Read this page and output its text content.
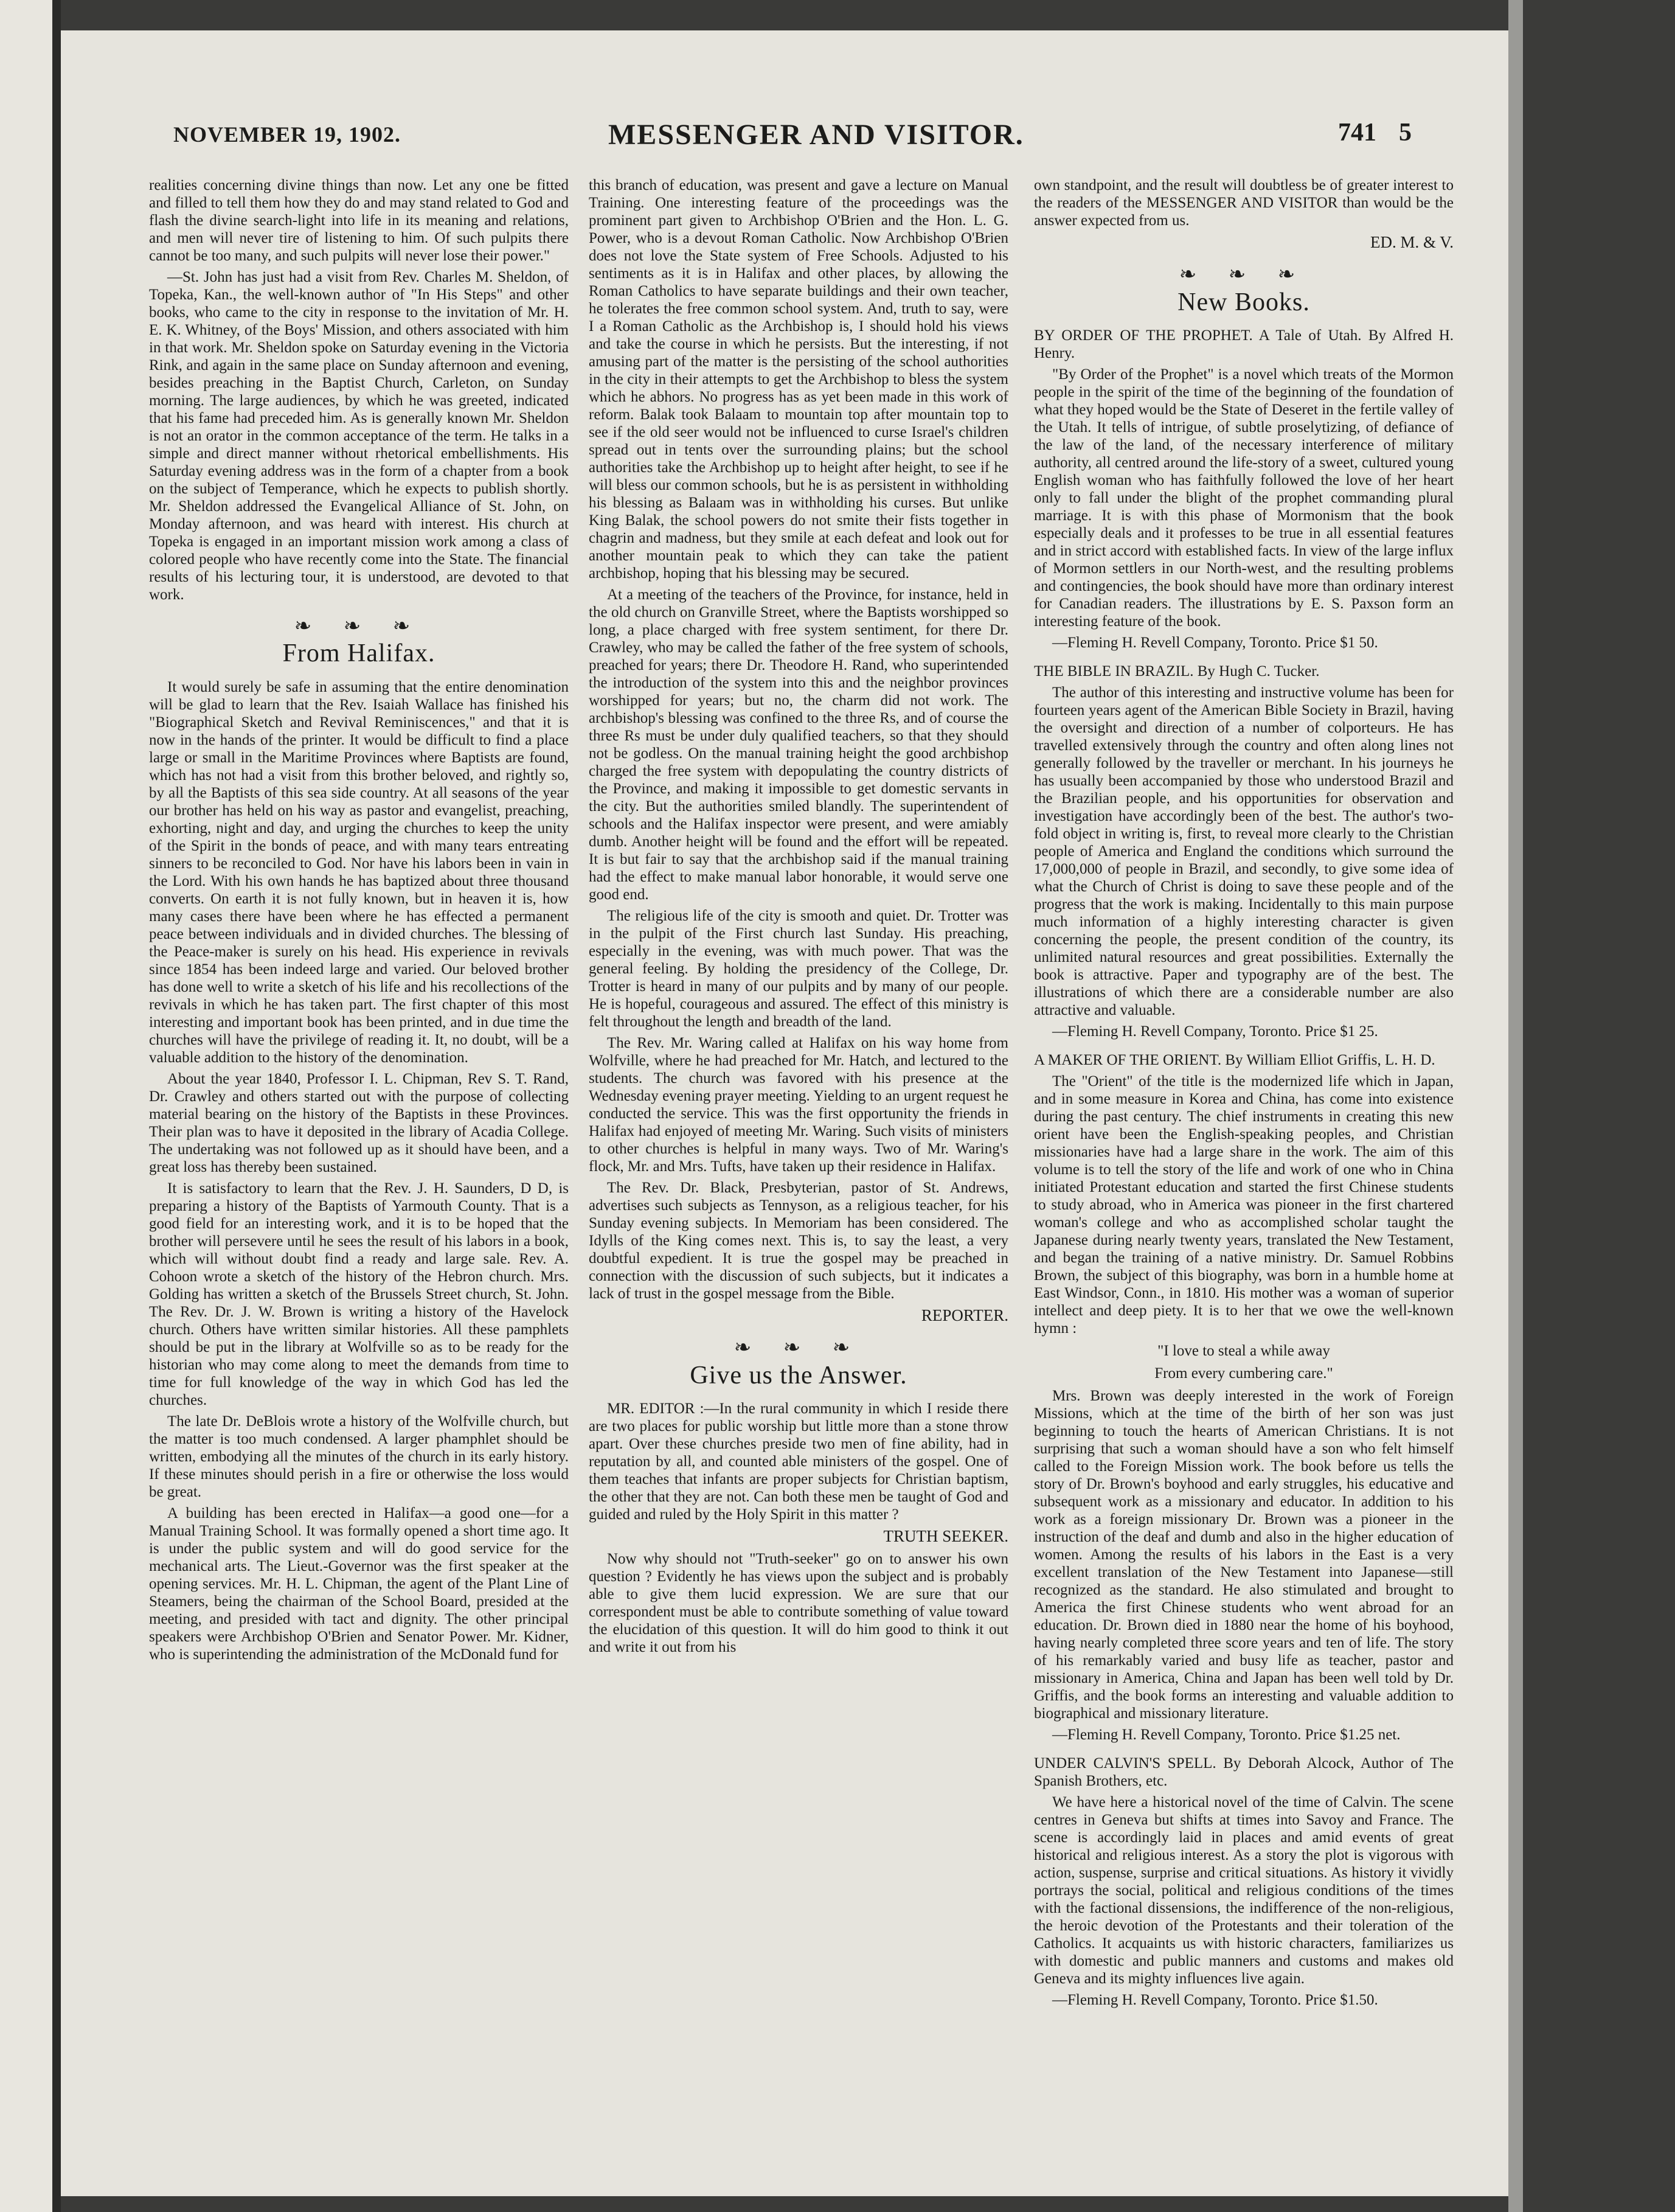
NOVEMBER 19, 1902.	MESSENGER AND VISITOR.	741 5

realities concerning divine things than now. Let any one be fitted and filled to tell them how they do and may stand related to God and flash the divine search-light into life in its meaning and relations, and men will never tire of listening to him. Of such pulpits there cannot be too many, and such pulpits will never lose their power."

—St. John has just had a visit from Rev. Charles M. Sheldon, of Topeka, Kan., the well-known author of "In His Steps" and other books, who came to the city in response to the invitation of Mr. H. E. K. Whitney, of the Boys' Mission, and others associated with him in that work. Mr. Sheldon spoke on Saturday evening in the Victoria Rink, and again in the same place on Sunday afternoon and evening, besides preaching in the Baptist Church, Carleton, on Sunday morning. The large audiences, by which he was greeted, indicated that his fame had preceded him. As is generally known Mr. Sheldon is not an orator in the common acceptance of the term. He talks in a simple and direct manner without rhetorical embellishments. His Saturday evening address was in the form of a chapter from a book on the subject of Temperance, which he expects to publish shortly. Mr. Sheldon addressed the Evangelical Alliance of St. John, on Monday afternoon, and was heard with interest. His church at Topeka is engaged in an important mission work among a class of colored people who have recently come into the State. The financial results of his lecturing tour, it is understood, are devoted to that work.

❧ ❧ ❧
From Halifax.

It would surely be safe in assuming that the entire denomination will be glad to learn that the Rev. Isaiah Wallace has finished his "Biographical Sketch and Revival Reminiscences," and that it is now in the hands of the printer. It would be difficult to find a place large or small in the Maritime Provinces where Baptists are found, which has not had a visit from this brother beloved, and rightly so, by all the Baptists of this sea side country. At all seasons of the year our brother has held on his way as pastor and evangelist, preaching, exhorting, night and day, and urging the churches to keep the unity of the Spirit in the bonds of peace, and with many tears entreating sinners to be reconciled to God. Nor have his labors been in vain in the Lord. With his own hands he has baptized about three thousand converts. On earth it is not fully known, but in heaven it is, how many cases there have been where he has effected a permanent peace between individuals and in divided churches. The blessing of the Peace-maker is surely on his head. His experience in revivals since 1854 has been indeed large and varied. Our beloved brother has done well to write a sketch of his life and his recollections of the revivals in which he has taken part. The first chapter of this most interesting and important book has been printed, and in due time the churches will have the privilege of reading it. It, no doubt, will be a valuable addition to the history of the denomination.

About the year 1840, Professor I. L. Chipman, Rev S. T. Rand, Dr. Crawley and others started out with the purpose of collecting material bearing on the history of the Baptists in these Provinces. Their plan was to have it deposited in the library of Acadia College. The undertaking was not followed up as it should have been, and a great loss has thereby been sustained.

It is satisfactory to learn that the Rev. J. H. Saunders, D D, is preparing a history of the Baptists of Yarmouth County. That is a good field for an interesting work, and it is to be hoped that the brother will persevere until he sees the result of his labors in a book, which will without doubt find a ready and large sale. Rev. A. Cohoon wrote a sketch of the history of the Hebron church. Mrs. Golding has written a sketch of the Brussels Street church, St. John. The Rev. Dr. J. W. Brown is writing a history of the Havelock church. Others have written similar histories. All these pamphlets should be put in the library at Wolfville so as to be ready for the historian who may come along to meet the demands from time to time for full knowledge of the way in which God has led the churches.

The late Dr. DeBlois wrote a history of the Wolfville church, but the matter is too much condensed. A larger phamphlet should be written, embodying all the minutes of the church in its early history. If these minutes should perish in a fire or otherwise the loss would be great.

A building has been erected in Halifax—a good one—for a Manual Training School. It was formally opened a short time ago. It is under the public system and will do good service for the mechanical arts. The Lieut.-Governor was the first speaker at the opening services. Mr. H. L. Chipman, the agent of the Plant Line of Steamers, being the chairman of the School Board, presided at the meeting, and presided with tact and dignity. The other principal speakers were Archbishop O'Brien and Senator Power. Mr. Kidner, who is superintending the administration of the McDonald fund for

this branch of education, was present and gave a lecture on Manual Training. One interesting feature of the proceedings was the prominent part given to Archbishop O'Brien and the Hon. L. G. Power, who is a devout Roman Catholic. Now Archbishop O'Brien does not love the State system of Free Schools. Adjusted to his sentiments as it is in Halifax and other places, by allowing the Roman Catholics to have separate buildings and their own teacher, he tolerates the free common school system. And, truth to say, were I a Roman Catholic as the Archbishop is, I should hold his views and take the course in which he persists. But the interesting, if not amusing part of the matter is the persisting of the school authorities in the city in their attempts to get the Archbishop to bless the system which he abhors. No progress has as yet been made in this work of reform. Balak took Balaam to mountain top after mountain top to see if the old seer would not be influenced to curse Israel's children spread out in tents over the surrounding plains; but the school authorities take the Archbishop up to height after height, to see if he will bless our common schools, but he is as persistent in withholding his blessing as Balaam was in withholding his curses. But unlike King Balak, the school powers do not smite their fists together in chagrin and madness, but they smile at each defeat and look out for another mountain peak to which they can take the patient archbishop, hoping that his blessing may be secured.

At a meeting of the teachers of the Province, for instance, held in the old church on Granville Street, where the Baptists worshipped so long, a place charged with free system sentiment, for there Dr. Crawley, who may be called the father of the free system of schools, preached for years; there Dr. Theodore H. Rand, who superintended the introduction of the system into this and the neighbor provinces worshipped for years; but no, the charm did not work. The archbishop's blessing was confined to the three Rs, and of course the three Rs must be under duly qualified teachers, so that they should not be godless. On the manual training height the good archbishop charged the free system with depopulating the country districts of the Province, and making it impossible to get domestic servants in the city. But the authorities smiled blandly. The superintendent of schools and the Halifax inspector were present, and were amiably dumb. Another height will be found and the effort will be repeated. It is but fair to say that the archbishop said if the manual training had the effect to make manual labor honorable, it would serve one good end.

The religious life of the city is smooth and quiet. Dr. Trotter was in the pulpit of the First church last Sunday. His preaching, especially in the evening, was with much power. That was the general feeling. By holding the presidency of the College, Dr. Trotter is heard in many of our pulpits and by many of our people. He is hopeful, courageous and assured. The effect of this ministry is felt throughout the length and breadth of the land.

The Rev. Mr. Waring called at Halifax on his way home from Wolfville, where he had preached for Mr. Hatch, and lectured to the students. The church was favored with his presence at the Wednesday evening prayer meeting. Yielding to an urgent request he conducted the service. This was the first opportunity the friends in Halifax had enjoyed of meeting Mr. Waring. Such visits of ministers to other churches is helpful in many ways. Two of Mr. Waring's flock, Mr. and Mrs. Tufts, have taken up their residence in Halifax.

The Rev. Dr. Black, Presbyterian, pastor of St. Andrews, advertises such subjects as Tennyson, as a religious teacher, for his Sunday evening subjects. In Memoriam has been considered. The Idylls of the King comes next. This is, to say the least, a very doubtful expedient. It is true the gospel may be preached in connection with the discussion of such subjects, but it indicates a lack of trust in the gospel message from the Bible.

REPORTER.

❧ ❧ ❧
Give us the Answer.

MR. EDITOR :—In the rural community in which I reside there are two places for public worship but little more than a stone throw apart. Over these churches preside two men of fine ability, had in reputation by all, and counted able ministers of the gospel. One of them teaches that infants are proper subjects for Christian baptism, the other that they are not. Can both these men be taught of God and guided and ruled by the Holy Spirit in this matter ?

TRUTH SEEKER.

Now why should not "Truth-seeker" go on to answer his own question ? Evidently he has views upon the subject and is probably able to give them lucid expression. We are sure that our correspondent must be able to contribute something of value toward the elucidation of this question. It will do him good to think it out and write it out from his

own standpoint, and the result will doubtless be of greater interest to the readers of the MESSENGER AND VISITOR than would be the answer expected from us.

ED. M. & V.

❧ ❧ ❧
New Books.

BY ORDER OF THE PROPHET. A Tale of Utah. By Alfred H. Henry.

"By Order of the Prophet" is a novel which treats of the Mormon people in the spirit of the time of the beginning of the foundation of what they hoped would be the State of Deseret in the fertile valley of the Utah. It tells of intrigue, of subtle proselytizing, of defiance of the law of the land, of the necessary interference of military authority, all centred around the life-story of a sweet, cultured young English woman who has faithfully followed the love of her heart only to fall under the blight of the prophet commanding plural marriage. It is with this phase of Mormonism that the book especially deals and it professes to be true in all essential features and in strict accord with established facts. In view of the large influx of Mormon settlers in our North-west, and the resulting problems and contingencies, the book should have more than ordinary interest for Canadian readers. The illustrations by E. S. Paxson form an interesting feature of the book.

—Fleming H. Revell Company, Toronto. Price $1 50.

THE BIBLE IN BRAZIL. By Hugh C. Tucker.

The author of this interesting and instructive volume has been for fourteen years agent of the American Bible Society in Brazil, having the oversight and direction of a number of colporteurs. He has travelled extensively through the country and often along lines not generally followed by the traveller or merchant. In his journeys he has usually been accompanied by those who understood Brazil and the Brazilian people, and his opportunities for observation and investigation have accordingly been of the best. The author's two-fold object in writing is, first, to reveal more clearly to the Christian people of America and England the conditions which surround the 17,000,000 of people in Brazil, and secondly, to give some idea of what the Church of Christ is doing to save these people and of the progress that the work is making. Incidentally to this main purpose much information of a highly interesting character is given concerning the people, the present condition of the country, its unlimited natural resources and great possibilities. Externally the book is attractive. Paper and typography are of the best. The illustrations of which there are a considerable number are also attractive and valuable.

—Fleming H. Revell Company, Toronto. Price $1 25.

A MAKER OF THE ORIENT. By William Elliot Griffis, L. H. D.

The "Orient" of the title is the modernized life which in Japan, and in some measure in Korea and China, has come into existence during the past century. The chief instruments in creating this new orient have been the English-speaking peoples, and Christian missionaries have had a large share in the work. The aim of this volume is to tell the story of the life and work of one who in China initiated Protestant education and started the first Chinese students to study abroad, who in America was pioneer in the first chartered woman's college and who as accomplished scholar taught the Japanese during nearly twenty years, translated the New Testament, and began the training of a native ministry. Dr. Samuel Robbins Brown, the subject of this biography, was born in a humble home at East Windsor, Conn., in 1810. His mother was a woman of superior intellect and deep piety. It is to her that we owe the well-known hymn :

"I love to steal a while away

From every cumbering care."

Mrs. Brown was deeply interested in the work of Foreign Missions, which at the time of the birth of her son was just beginning to touch the hearts of American Christians. It is not surprising that such a woman should have a son who felt himself called to the Foreign Mission work. The book before us tells the story of Dr. Brown's boyhood and early struggles, his educative and subsequent work as a missionary and educator. In addition to his work as a foreign missionary Dr. Brown was a pioneer in the instruction of the deaf and dumb and also in the higher education of women. Among the results of his labors in the East is a very excellent translation of the New Testament into Japanese—still recognized as the standard. He also stimulated and brought to America the first Chinese students who went abroad for an education. Dr. Brown died in 1880 near the home of his boyhood, having nearly completed three score years and ten of life. The story of his remarkably varied and busy life as teacher, pastor and missionary in America, China and Japan has been well told by Dr. Griffis, and the book forms an interesting and valuable addition to biographical and missionary literature.

—Fleming H. Revell Company, Toronto. Price $1.25 net.

UNDER CALVIN'S SPELL. By Deborah Alcock, Author of The Spanish Brothers, etc.

We have here a historical novel of the time of Calvin. The scene centres in Geneva but shifts at times into Savoy and France. The scene is accordingly laid in places and amid events of great historical and religious interest. As a story the plot is vigorous with action, suspense, surprise and critical situations. As history it vividly portrays the social, political and religious conditions of the times with the factional dissensions, the indifference of the non-religious, the heroic devotion of the Protestants and their toleration of the Catholics. It acquaints us with historic characters, familiarizes us with domestic and public manners and customs and makes old Geneva and its mighty influences live again.

—Fleming H. Revell Company, Toronto. Price $1.50.
